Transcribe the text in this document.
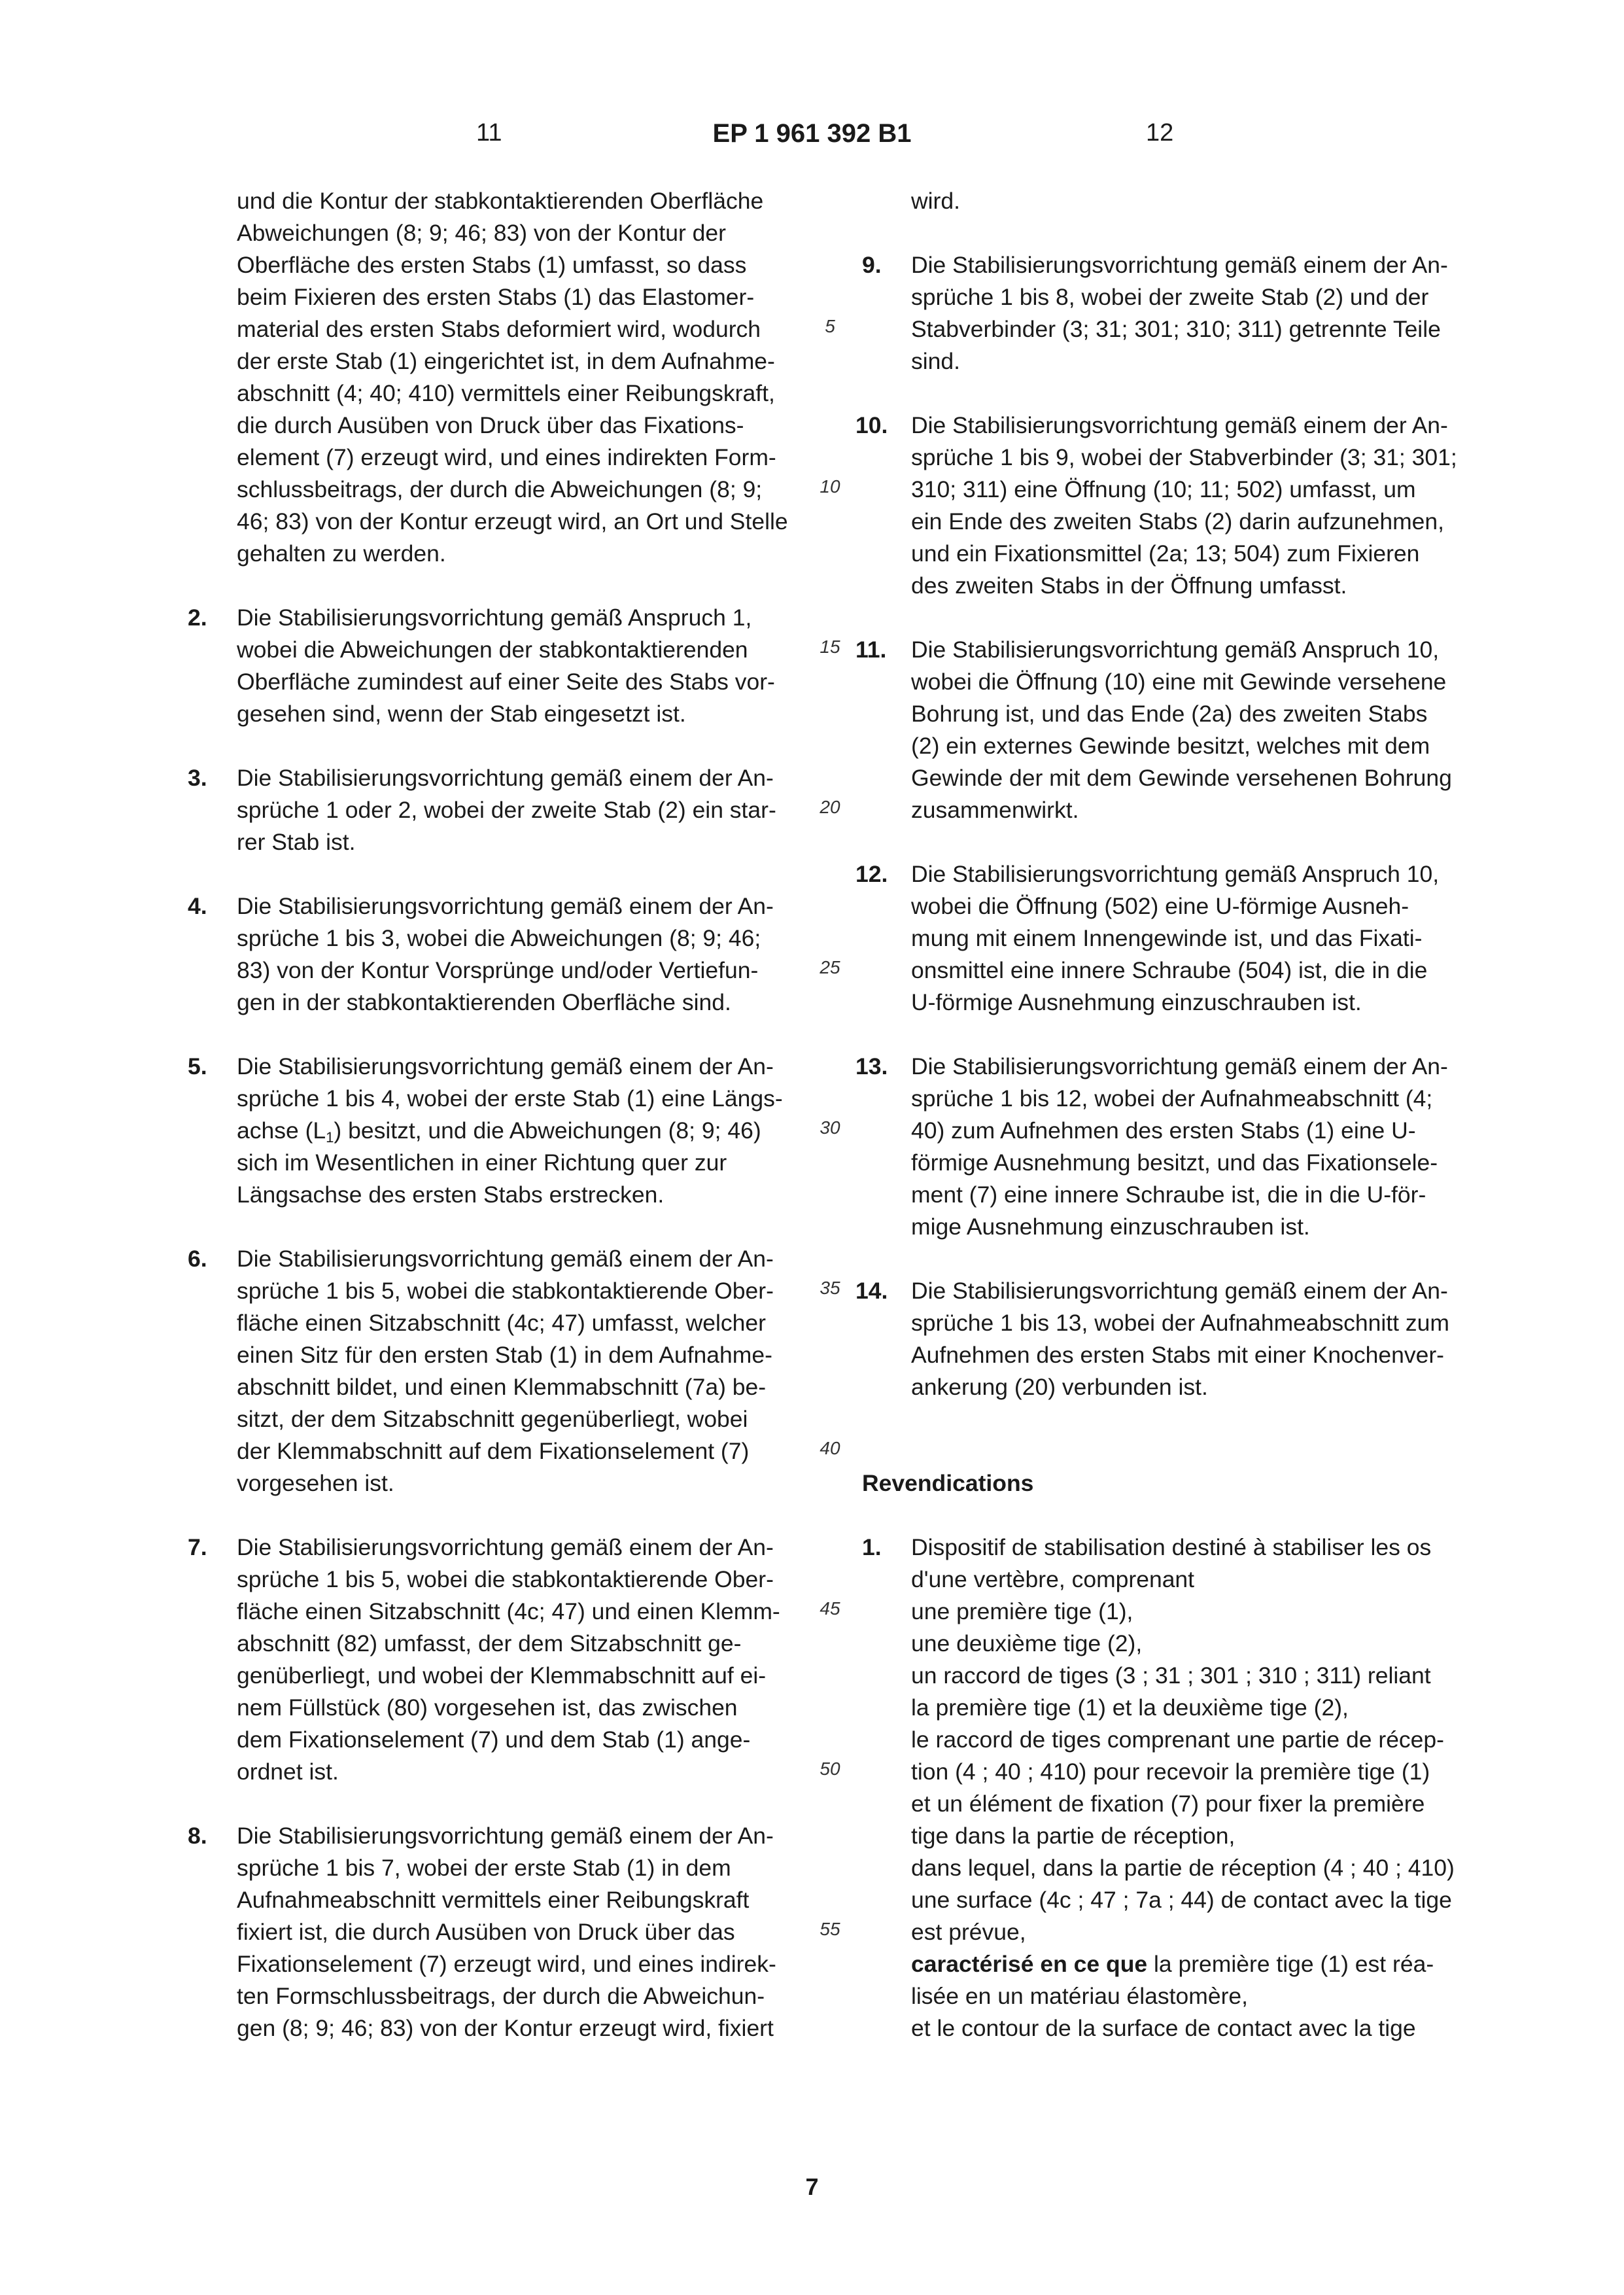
11	EP 1 961 392 B1	12
und die Kontur der stabkontaktierenden Oberfläche
Abweichungen (8; 9; 46; 83) von der Kontur der
Oberfläche des ersten Stabs (1) umfasst, so dass
beim Fixieren des ersten Stabs (1) das Elastomer-
material des ersten Stabs deformiert wird, wodurch
der erste Stab (1) eingerichtet ist, in dem Aufnahme-
abschnitt (4; 40; 410) vermittels einer Reibungskraft,
die durch Ausüben von Druck über das Fixations-
element (7) erzeugt wird, und eines indirekten Form-
schlussbeitrags, der durch die Abweichungen (8; 9;
46; 83) von der Kontur erzeugt wird, an Ort und Stelle
gehalten zu werden.
2. Die Stabilisierungsvorrichtung gemäß Anspruch 1,
wobei die Abweichungen der stabkontaktierenden
Oberfläche zumindest auf einer Seite des Stabs vor-
gesehen sind, wenn der Stab eingesetzt ist.
3. Die Stabilisierungsvorrichtung gemäß einem der An-
sprüche 1 oder 2, wobei der zweite Stab (2) ein star-
rer Stab ist.
4. Die Stabilisierungsvorrichtung gemäß einem der An-
sprüche 1 bis 3, wobei die Abweichungen (8; 9; 46;
83) von der Kontur Vorsprünge und/oder Vertiefun-
gen in der stabkontaktierenden Oberfläche sind.
5. Die Stabilisierungsvorrichtung gemäß einem der An-
sprüche 1 bis 4, wobei der erste Stab (1) eine Längs-
achse $(L_1)$ besitzt, und die Abweichungen (8; 9; 46)
sich im Wesentlichen in einer Richtung quer zur
Längsachse des ersten Stabs erstrecken.
6. Die Stabilisierungsvorrichtung gemäß einem der An-
sprüche 1 bis 5, wobei die stabkontaktierende Ober-
fläche einen Sitzabschnitt (4c; 47) umfasst, welcher
einen Sitz für den ersten Stab (1) in dem Aufnahme-
abschnitt bildet, und einen Klemmabschnitt (7a) be-
sitzt, der dem Sitzabschnitt gegenüberliegt, wobei
der Klemmabschnitt auf dem Fixationselement (7)
vorgesehen ist.
7. Die Stabilisierungsvorrichtung gemäß einem der An-
sprüche 1 bis 5, wobei die stabkontaktierende Ober-
fläche einen Sitzabschnitt (4c; 47) und einen Klemm-
abschnitt (82) umfasst, der dem Sitzabschnitt ge-
genüberliegt, und wobei der Klemmabschnitt auf ei-
nem Füllstück (80) vorgesehen ist, das zwischen
dem Fixationselement (7) und dem Stab (1) ange-
ordnet ist.
8. Die Stabilisierungsvorrichtung gemäß einem der An-
sprüche 1 bis 7, wobei der erste Stab (1) in dem
Aufnahmeabschnitt vermittels einer Reibungskraft
fixiert ist, die durch Ausüben von Druck über das
Fixationselement (7) erzeugt wird, und eines indirek-
ten Formschlussbeitrags, der durch die Abweichun-
gen (8; 9; 46; 83) von der Kontur erzeugt wird, fixiert
wird.
9. Die Stabilisierungsvorrichtung gemäß einem der An-
sprüche 1 bis 8, wobei der zweite Stab (2) und der
Stabverbinder (3; 31; 301; 310; 311) getrennte Teile
sind.
10. Die Stabilisierungsvorrichtung gemäß einem der An-
sprüche 1 bis 9, wobei der Stabverbinder (3; 31; 301;
310; 311) eine Öffnung (10; 11; 502) umfasst, um
ein Ende des zweiten Stabs (2) darin aufzunehmen,
und ein Fixationsmittel (2a; 13; 504) zum Fixieren
des zweiten Stabs in der Öffnung umfasst.
11. Die Stabilisierungsvorrichtung gemäß Anspruch 10,
wobei die Öffnung (10) eine mit Gewinde versehene
Bohrung ist, und das Ende (2a) des zweiten Stabs
(2) ein externes Gewinde besitzt, welches mit dem
Gewinde der mit dem Gewinde versehenen Bohrung
zusammenwirkt.
12. Die Stabilisierungsvorrichtung gemäß Anspruch 10,
wobei die Öffnung (502) eine U-förmige Ausneh-
mung mit einem Innengewinde ist, und das Fixati-
onsmittel eine innere Schraube (504) ist, die in die
U-förmige Ausnehmung einzuschrauben ist.
13. Die Stabilisierungsvorrichtung gemäß einem der An-
sprüche 1 bis 12, wobei der Aufnahmeabschnitt (4;
40) zum Aufnehmen des ersten Stabs (1) eine U-
förmige Ausnehmung besitzt, und das Fixationsele-
ment (7) eine innere Schraube ist, die in die U-för-
mige Ausnehmung einzuschrauben ist.
14. Die Stabilisierungsvorrichtung gemäß einem der An-
sprüche 1 bis 13, wobei der Aufnahmeabschnitt zum
Aufnehmen des ersten Stabs mit einer Knochenver-
ankerung (20) verbunden ist.
Revendications
1. Dispositif de stabilisation destiné à stabiliser les os
d'une vertèbre, comprenant
une première tige (1),
une deuxième tige (2),
un raccord de tiges (3 ; 31 ; 301 ; 310 ; 311) reliant
la première tige (1) et la deuxième tige (2),
le raccord de tiges comprenant une partie de récep-
tion (4 ; 40 ; 410) pour recevoir la première tige (1)
et un élément de fixation (7) pour fixer la première
tige dans la partie de réception,
dans lequel, dans la partie de réception (4 ; 40 ; 410)
une surface (4c ; 47 ; 7a ; 44) de contact avec la tige
est prévue,
caractérisé en ce que la première tige (1) est réa-
lisée en un matériau élastomère,
et le contour de la surface de contact avec la tige
5
10
15
20
25
30
35
40
45
50
55
7
